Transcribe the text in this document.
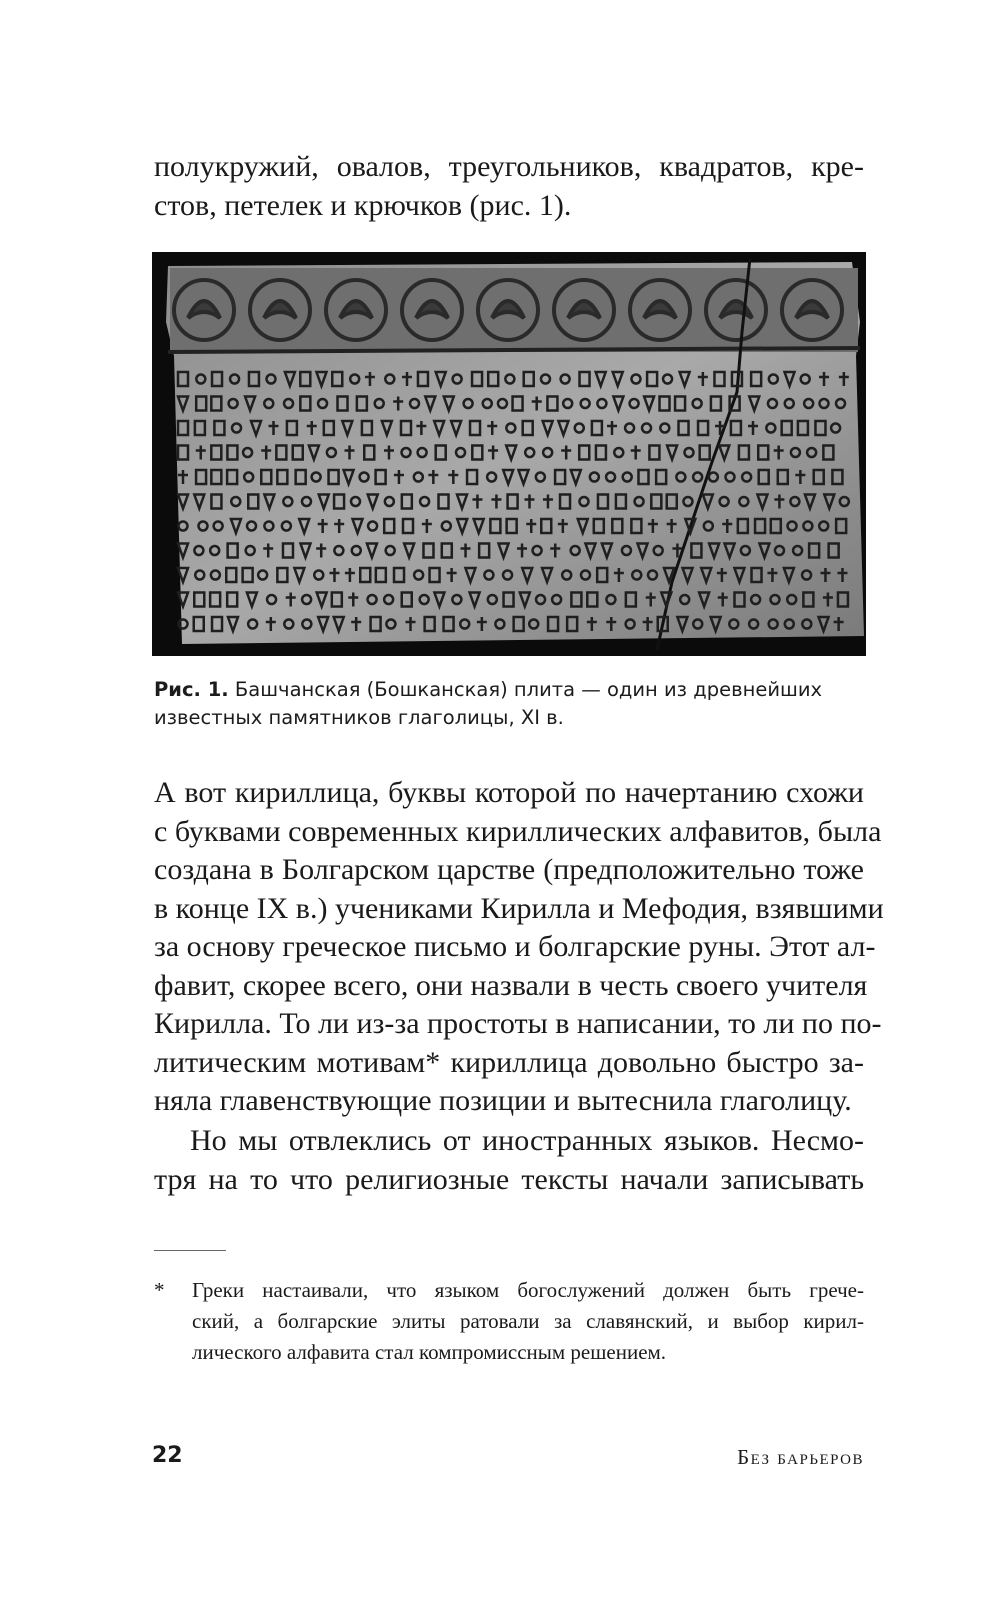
полукружий, овалов, треугольников, квадратов, кре-
стов, петелек и крючков (рис. 1).
Рис. 1. Башчанская (Бошканская) плита — один из древнейших
известных памятников глаголицы, XI в.
А вот кириллица, буквы которой по начертанию схожи
с буквами современных кириллических алфавитов, была
создана в Болгарском царстве (предположительно тоже
в конце IX в.) учениками Кирилла и Мефодия, взявшими
за основу греческое письмо и болгарские руны. Этот ал-
фавит, скорее всего, они назвали в честь своего учителя
Кирилла. То ли из-за простоты в написании, то ли по по-
литическим мотивам* кириллица довольно быстро за-
няла главенствующие позиции и вытеснила глаголицу.
Но мы отвлеклись от иностранных языков. Несмо-
тря на то что религиозные тексты начали записывать
* Греки настаивали, что языком богослужений должен быть грече-
ский, а болгарские элиты ратовали за славянский, и выбор кирил-
лического алфавита стал компромиссным решением.
22	Без барьеров
